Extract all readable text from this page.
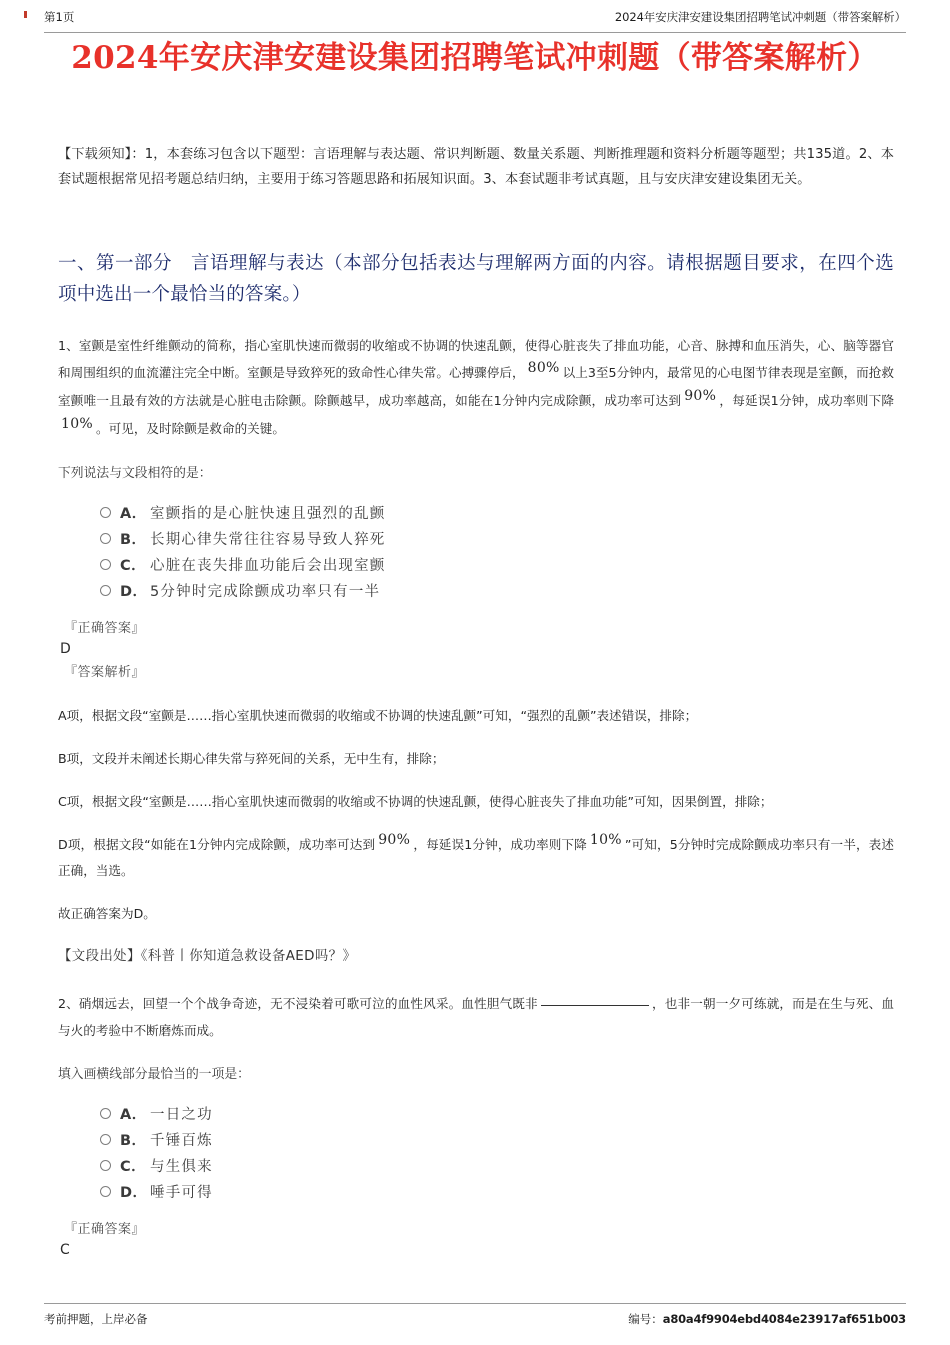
第1页	2024年安庆津安建设集团招聘笔试冲刺题（带答案解析）
2024年安庆津安建设集团招聘笔试冲刺题（带答案解析）
【下载须知】：1，本套练习包含以下题型：言语理解与表达题、常识判断题、数量关系题、判断推理题和资料分析题等题型；共135道。2、本套试题根据常见招考题总结归纳，主要用于练习答题思路和拓展知识面。3、本套试题非考试真题，且与安庆津安建设集团无关。
一、第一部分　言语理解与表达（本部分包括表达与理解两方面的内容。请根据题目要求，在四个选项中选出一个最恰当的答案。）
1、室颤是室性纤维颤动的简称，指心室肌快速而微弱的收缩或不协调的快速乱颤，使得心脏丧失了排血功能，心音、脉搏和血压消失，心、脑等器官和周围组织的血流灌注完全中断。室颤是导致猝死的致命性心律失常。心搏骤停后， 80% 以上3至5分钟内，最常见的心电图节律表现是室颤，而抢救室颤唯一且最有效的方法就是心脏电击除颤。除颤越早，成功率越高，如能在1分钟内完成除颤，成功率可达到 90% ，每延误1分钟，成功率则下降10% 。可见，及时除颤是救命的关键。
下列说法与文段相符的是：
A． 室颤指的是心脏快速且强烈的乱颤
B． 长期心律失常往往容易导致人猝死
C． 心脏在丧失排血功能后会出现室颤
D． 5分钟时完成除颤成功率只有一半
『正确答案』
D
『答案解析』
A项，根据文段“室颤是……指心室肌快速而微弱的收缩或不协调的快速乱颤”可知，“强烈的乱颤”表述错误，排除；
B项，文段并未阐述长期心律失常与猝死间的关系，无中生有，排除；
C项，根据文段“室颤是……指心室肌快速而微弱的收缩或不协调的快速乱颤，使得心脏丧失了排血功能”可知，因果倒置，排除；
D项，根据文段“如能在1分钟内完成除颤，成功率可达到 90% ，每延误1分钟，成功率则下降 10% ”可知，5分钟时完成除颤成功率只有一半，表述正确，当选。
故正确答案为D。
【文段出处】《科普丨你知道急救设备AED吗？》
2、硝烟远去，回望一个个战争奇迹，无不浸染着可歌可泣的血性风采。血性胆气既非	，也非一朝一夕可练就，而是在生与死、血与火的考验中不断磨炼而成。
填入画横线部分最恰当的一项是：
A． 一日之功
B． 千锤百炼
C． 与生俱来
D． 唾手可得
『正确答案』
C
考前押题，上岸必备	编号：a80a4f9904ebd4084e23917af651b003
